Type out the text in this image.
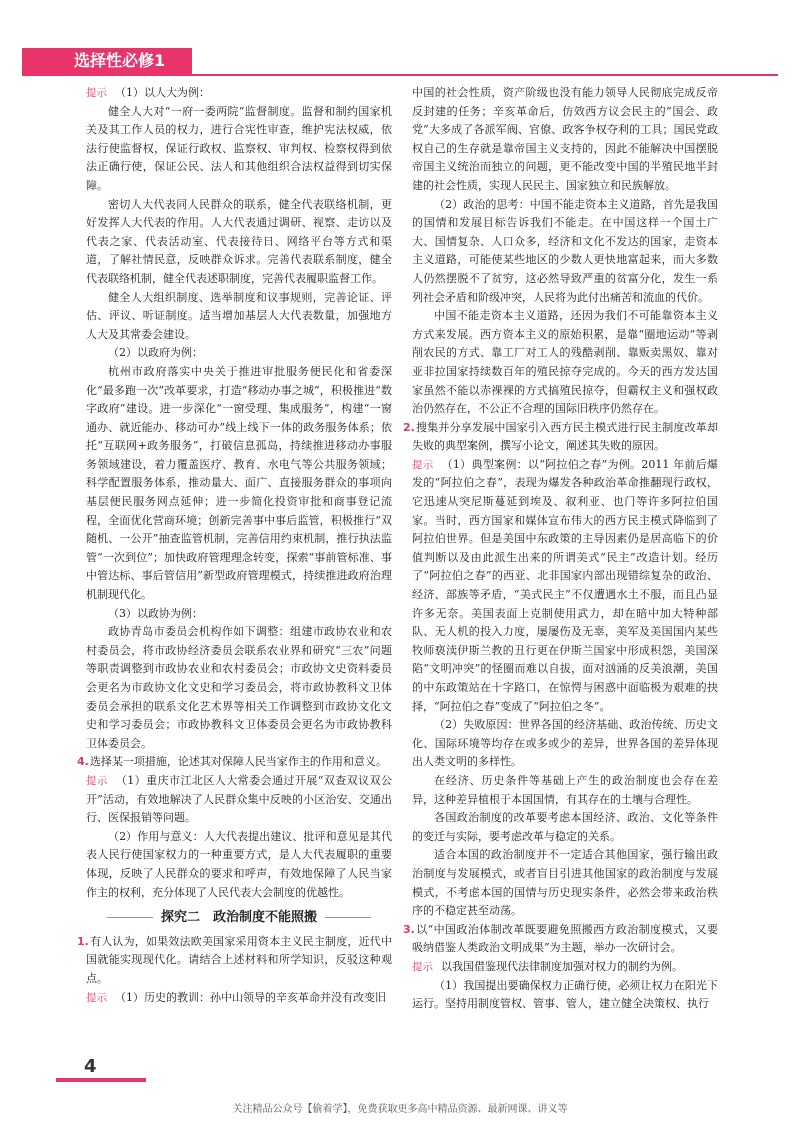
选择性必修1

提示 （1）以人大为例：

健全人大对“一府一委两院”监督制度。监督和制约国家机关及其工作人员的权力，进行合宪性审查，维护宪法权威，依法行使监督权，保证行政权、监察权、审判权、检察权得到依法正确行使，保证公民、法人和其他组织合法权益得到切实保障。

密切人大代表同人民群众的联系，健全代表联络机制，更好发挥人大代表的作用。人大代表通过调研、视察、走访以及代表之家、代表活动室、代表接待日、网络平台等方式和渠道，了解社情民意，反映群众诉求。完善代表联系制度，健全代表联络机制，健全代表述职制度，完善代表履职监督工作。

健全人大组织制度、选举制度和议事规则，完善论证、评估、评议、听证制度。适当增加基层人大代表数量，加强地方人大及其常委会建设。

（2）以政府为例：

杭州市政府落实中央关于推进审批服务便民化和省委深化“最多跑一次”改革要求，打造“移动办事之城”，积极推进“数字政府”建设。进一步深化“一窗受理、集成服务”，构建“一窗通办、就近能办、移动可办”线上线下一体的政务服务体系；依托“互联网+政务服务”，打破信息孤岛，持续推进移动办事服务领域建设，着力覆盖医疗、教育、水电气等公共服务领域；科学配置服务体系，推动量大、面广、直接服务群众的事项向基层便民服务网点延伸；进一步简化投资审批和商事登记流程，全面优化营商环境；创新完善事中事后监管，积极推行“双随机、一公开”抽查监管机制，完善信用约束机制，推行执法监管“一次到位”；加快政府管理理念转变，探索“事前管标准、事中管达标、事后管信用”新型政府管理模式，持续推进政府治理机制现代化。

（3）以政协为例：

政协青岛市委员会机构作如下调整：组建市政协农业和农村委员会，将市政协经济委员会联系农业界和研究“三农”问题等职责调整到市政协农业和农村委员会；市政协文史资料委员会更名为市政协文化文史和学习委员会，将市政协教科文卫体委员会承担的联系文化艺术界等相关工作调整到市政协文化文史和学习委员会；市政协教科文卫体委员会更名为市政协教科卫体委员会。

4.选择某一项措施，论述其对保障人民当家作主的作用和意义。

提示 （1）重庆市江北区人大常委会通过开展“双查双议双公开”活动，有效地解决了人民群众集中反映的小区治安、交通出行、医保报销等问题。

（2）作用与意义：人大代表提出建议、批评和意见是其代表人民行使国家权力的一种重要方式，是人大代表履职的重要体现，反映了人民群众的要求和呼声，有效地保障了人民当家作主的权利，充分体现了人民代表大会制度的优越性。

探究二　政治制度不能照搬

1.有人认为，如果效法欧美国家采用资本主义民主制度，近代中国就能实现现代化。请结合上述材料和所学知识，反驳这种观点。

提示 （1）历史的教训：孙中山领导的辛亥革命并没有改变旧

中国的社会性质，资产阶级也没有能力领导人民彻底完成反帝反封建的任务；辛亥革命后，仿效西方议会民主的“国会、政党”大多成了各派军阀、官僚、政客争权夺利的工具；国民党政权自己的生存就是靠帝国主义支持的，因此不能解决中国摆脱帝国主义统治而独立的问题，更不能改变中国的半殖民地半封建的社会性质，实现人民民主、国家独立和民族解放。

（2）政治的思考：中国不能走资本主义道路，首先是我国的国情和发展目标告诉我们不能走。在中国这样一个国土广大、国情复杂、人口众多，经济和文化不发达的国家，走资本主义道路，可能使某些地区的少数人更快地富起来，而大多数人仍然摆脱不了贫穷，这必然导致严重的贫富分化，发生一系列社会矛盾和阶级冲突，人民将为此付出痛苦和流血的代价。

中国不能走资本主义道路，还因为我们不可能靠资本主义方式来发展。西方资本主义的原始积累，是靠“圈地运动”等剥削农民的方式、靠工厂对工人的残酷剥削、靠贩卖黑奴、靠对亚非拉国家持续数百年的殖民掠夺完成的。今天的西方发达国家虽然不能以赤裸裸的方式搞殖民掠夺，但霸权主义和强权政治仍然存在，不公正不合理的国际旧秩序仍然存在。

2.搜集并分享发展中国家引入西方民主模式进行民主制度改革却失败的典型案例，撰写小论文，阐述其失败的原因。

提示 （1）典型案例：以“阿拉伯之春”为例。2011 年前后爆发的“阿拉伯之春”，表现为爆发各种政治革命推翻现行政权，它迅速从突尼斯蔓延到埃及、叙利亚、也门等许多阿拉伯国家。当时，西方国家和媒体宣布伟大的西方民主模式降临到了阿拉伯世界。但是美国中东政策的主导因素仍是居高临下的价值判断以及由此派生出来的所谓美式“民主”改造计划。经历了“阿拉伯之春”的西亚、北非国家内部出现错综复杂的政治、经济、部族等矛盾，“美式民主”不仅遭遇水土不服，而且凸显许多无奈。美国表面上克制使用武力，却在暗中加大特种部队、无人机的投入力度，屡屡伤及无辜，美军及美国国内某些牧师亵渎伊斯兰教的丑行更在伊斯兰国家中形成积怨，美国深陷“文明冲突”的怪圈而难以自拔，面对汹涌的反美浪潮，美国的中东政策站在十字路口，在惊愕与困惑中面临极为艰难的抉择，“阿拉伯之春”变成了“阿拉伯之冬”。

（2）失败原因：世界各国的经济基础、政治传统、历史文化、国际环境等均存在或多或少的差异，世界各国的差异体现出人类文明的多样性。

在经济、历史条件等基础上产生的政治制度也会存在差异，这种差异植根于本国国情，有其存在的土壤与合理性。

各国政治制度的改革要考虑本国经济、政治、文化等条件的变迁与实际，要考虑改革与稳定的关系。

适合本国的政治制度并不一定适合其他国家，强行输出政治制度与发展模式，或者盲目引进其他国家的政治制度与发展模式，不考虑本国的国情与历史现实条件，必然会带来政治秩序的不稳定甚至动荡。

3.以“中国政治体制改革既要避免照搬西方政治制度模式，又要吸纳借鉴人类政治文明成果”为主题，举办一次研讨会。

提示 以我国借鉴现代法律制度加强对权力的制约为例。

（1）我国提出要确保权力正确行使，必须让权力在阳光下运行。坚持用制度管权、管事、管人，建立健全决策权、执行

4
关注精品公众号【偷着学】，免费获取更多高中精品资源、最新网课、讲义等
